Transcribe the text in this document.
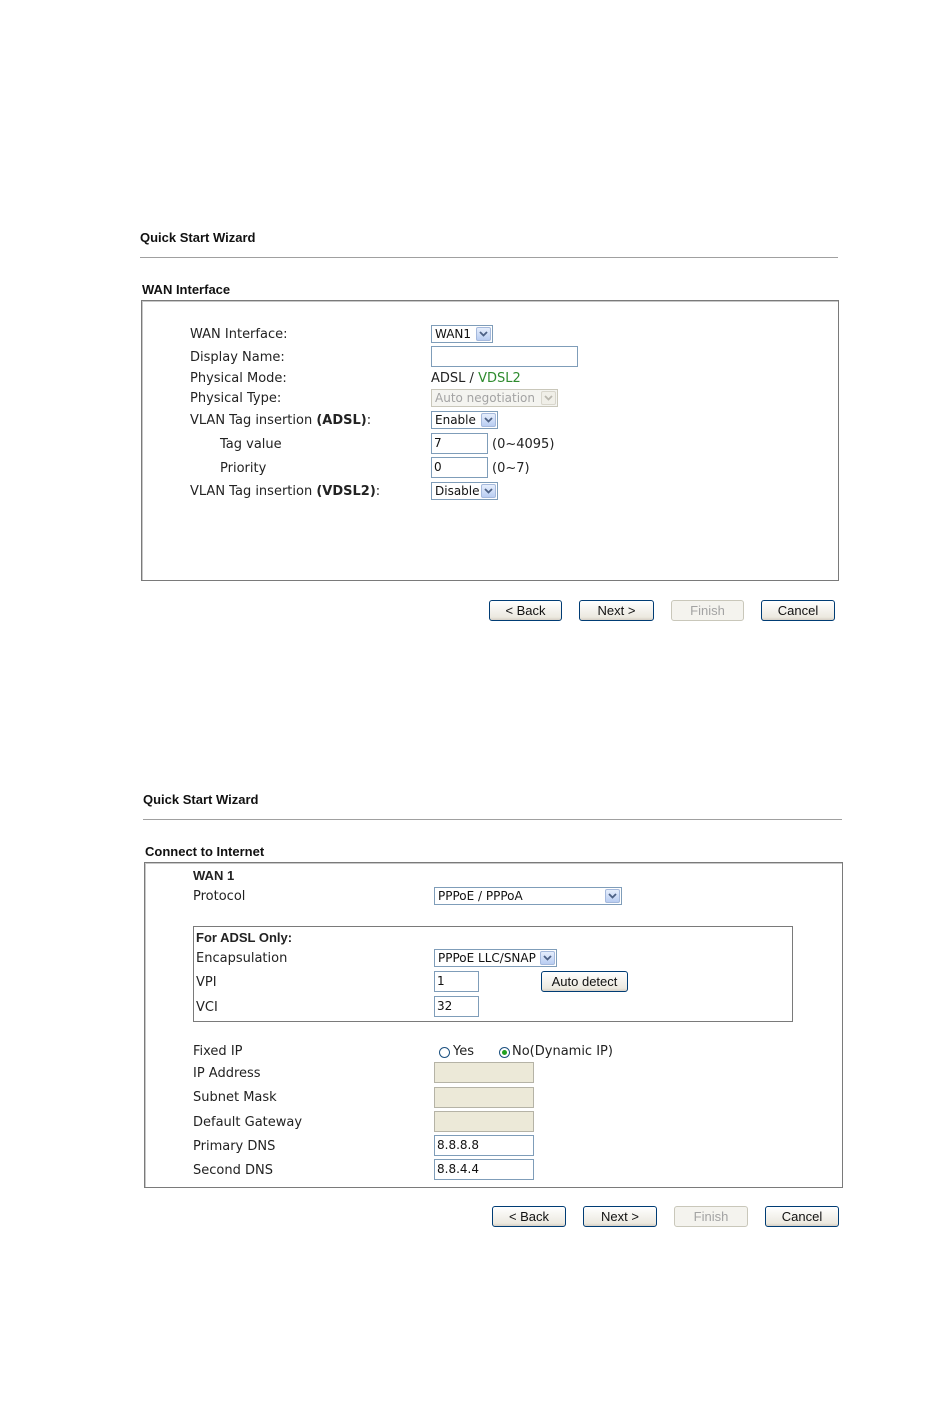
Quick Start Wizard
WAN Interface
WAN Interface:	WAN1
Display Name:
Physical Mode:	ADSL / VDSL2
Physical Type:	Auto negotiation
VLAN Tag insertion (ADSL):	Enable
Tag value	7	(0~4095)
Priority	0	(0~7)
VLAN Tag insertion (VDSL2):	Disable
< Back	Next >	Finish	Cancel
Quick Start Wizard
Connect to Internet
WAN 1
Protocol	PPPoE / PPPoA
For ADSL Only:
Encapsulation	PPPoE LLC/SNAP
VPI	1	Auto detect
VCI	32
Fixed IP	Yes	No(Dynamic IP)
IP Address
Subnet Mask
Default Gateway
Primary DNS	8.8.8.8
Second DNS	8.8.4.4
< Back	Next >	Finish	Cancel
